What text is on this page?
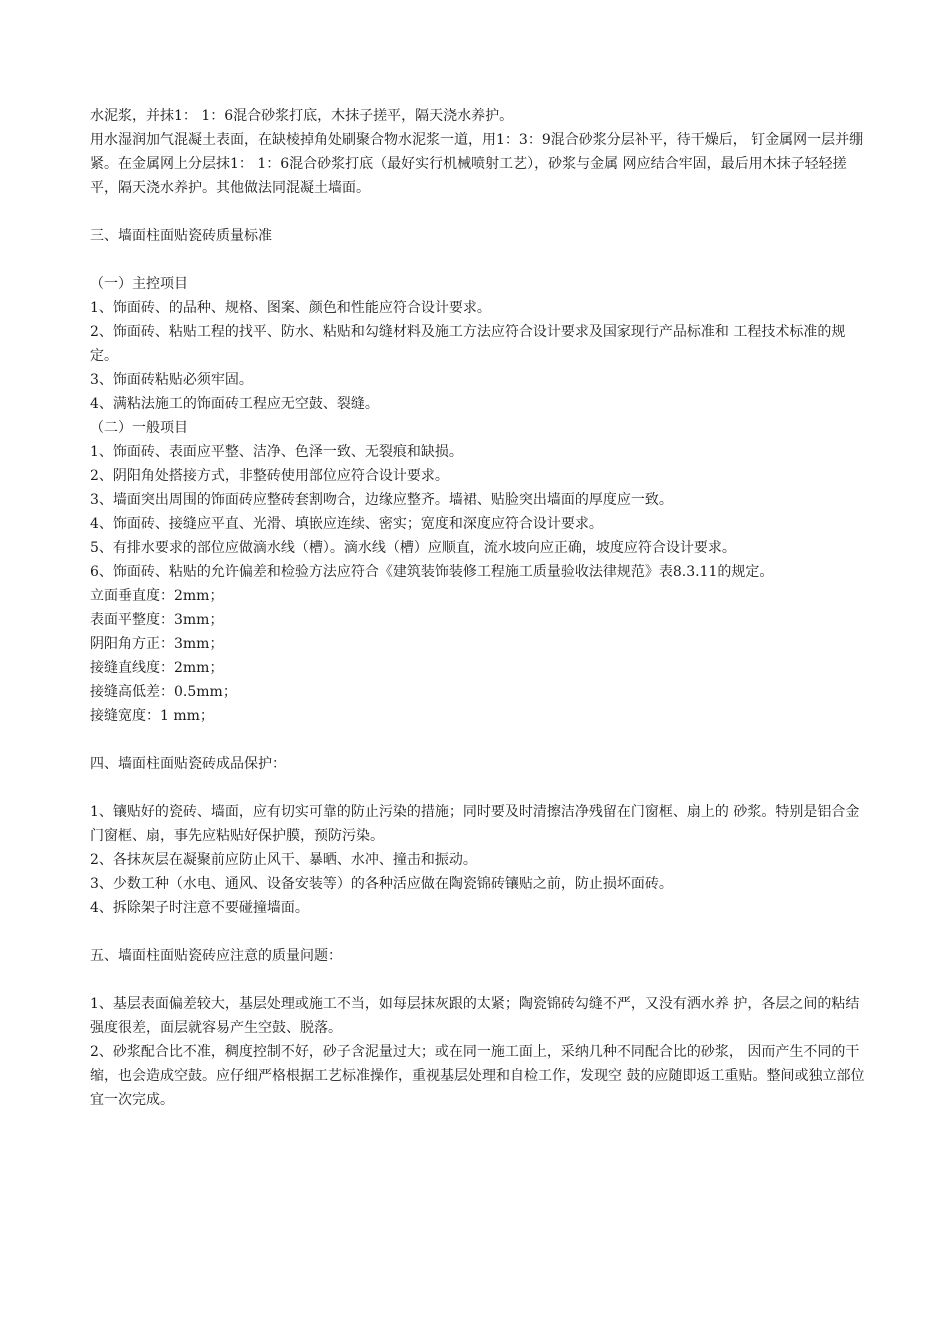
水泥浆，并抹1： 1：6混合砂浆打底，木抹子搓平，隔天浇水养护。

用水湿润加气混凝土表面，在缺棱掉角处刷聚合物水泥浆一道，用1：3：9混合砂浆分层补平，待干燥后， 钉金属网一层并绷紧。在金属网上分层抹1： 1：6混合砂浆打底（最好实行机械喷射工艺），砂浆与金属 网应结合牢固，最后用木抹子轻轻搓平，隔天浇水养护。其他做法同混凝土墙面。

三、墙面柱面贴瓷砖质量标准

（一）主控项目

1、饰面砖、的品种、规格、图案、颜色和性能应符合设计要求。

2、饰面砖、粘贴工程的找平、防水、粘贴和勾缝材料及施工方法应符合设计要求及国家现行产品标准和 工程技术标准的规定。

3、饰面砖粘贴必须牢固。

4、满粘法施工的饰面砖工程应无空鼓、裂缝。

（二）一般项目

1、饰面砖、表面应平整、洁净、色泽一致、无裂痕和缺损。

2、阴阳角处搭接方式，非整砖使用部位应符合设计要求。

3、墙面突出周围的饰面砖应整砖套割吻合，边缘应整齐。墙裙、贴脸突出墙面的厚度应一致。

4、饰面砖、接缝应平直、光滑、填嵌应连续、密实；宽度和深度应符合设计要求。

5、有排水要求的部位应做滴水线（槽）。滴水线（槽）应顺直，流水坡向应正确，坡度应符合设计要求。

6、饰面砖、粘贴的允许偏差和检验方法应符合《建筑装饰装修工程施工质量验收法律规范》表8.3.11的规定。

立面垂直度：2mm；

表面平整度：3mm；

阴阳角方正：3mm；

接缝直线度：2mm；

接缝高低差：0.5mm；

接缝宽度：1 mm；

四、墙面柱面贴瓷砖成品保护：

1、镶贴好的瓷砖、墙面，应有切实可靠的防止污染的措施；同时要及时清擦洁净残留在门窗框、扇上的 砂浆。特别是铝合金门窗框、扇，事先应粘贴好保护膜，预防污染。

2、各抹灰层在凝聚前应防止风干、暴晒、水冲、撞击和振动。

3、少数工种（水电、通风、设备安装等）的各种活应做在陶瓷锦砖镶贴之前，防止损坏面砖。

4、拆除架子时注意不要碰撞墙面。

五、墙面柱面贴瓷砖应注意的质量问题：

1、基层表面偏差较大，基层处理或施工不当，如每层抹灰跟的太紧；陶瓷锦砖勾缝不严，又没有洒水养 护，各层之间的粘结强度很差，面层就容易产生空鼓、脱落。

2、砂浆配合比不准，稠度控制不好，砂子含泥量过大；或在同一施工面上，采纳几种不同配合比的砂浆， 因而产生不同的干缩，也会造成空鼓。应仔细严格根据工艺标准操作，重视基层处理和自检工作，发现空 鼓的应随即返工重贴。整间或独立部位宜一次完成。
